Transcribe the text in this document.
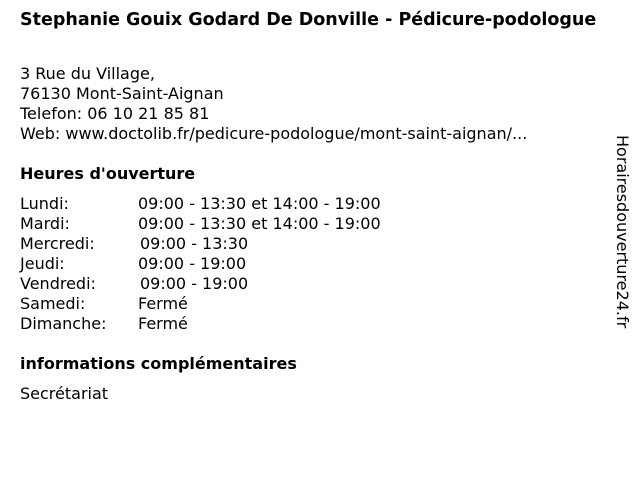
Stephanie Gouix Godard De Donville - Pédicure-podologue
3 Rue du Village,
76130 Mont-Saint-Aignan
Telefon: 06 10 21 85 81
Web: www.doctolib.fr/pedicure-podologue/mont-saint-aignan/...
Heures d'ouverture
Lundi:	09:00 - 13:30 et 14:00 - 19:00
Mardi:	09:00 - 13:30 et 14:00 - 19:00
Mercredi:	09:00 - 13:30
Jeudi:	09:00 - 19:00
Vendredi:	09:00 - 19:00
Samedi:	Fermé
Dimanche: Fermé
informations complémentaires
Secrétariat
Horairesdouverture24.fr
